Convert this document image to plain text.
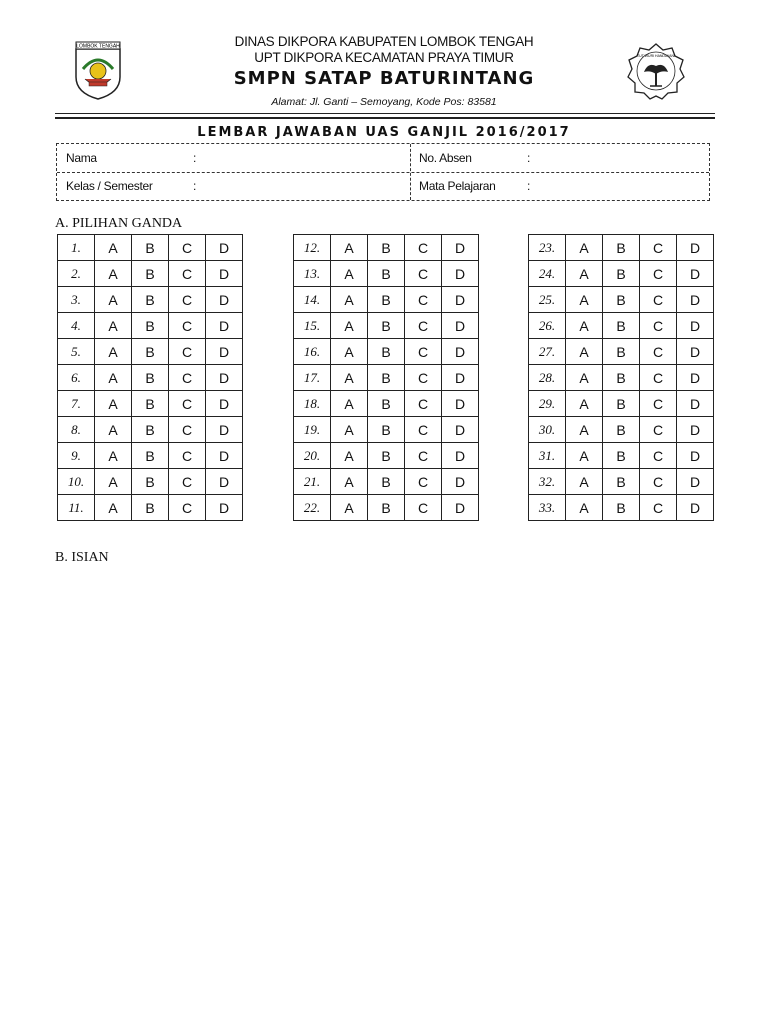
LOMBOK TENGAH
TUT WURI HANDAYANI
DINAS DIKPORA KABUPATEN LOMBOK TENGAH
UPT DIKPORA KECAMATAN PRAYA TIMUR
SMPN SATAP BATURINTANG
Alamat: Jl. Ganti – Semoyang, Kode Pos: 83581
LEMBAR JAWABAN UAS GANJIL 2016/2017
Nama	:
Kelas / Semester	:
No. Absen	:
Mata Pelajaran	:
A. PILIHAN GANDA
1.	A	B	C	D
2.	A	B	C	D
3.	A	B	C	D
4.	A	B	C	D
5.	A	B	C	D
6.	A	B	C	D
7.	A	B	C	D
8.	A	B	C	D
9.	A	B	C	D
10.	A	B	C	D
11.	A	B	C	D
12.	A	B	C	D
13.	A	B	C	D
14.	A	B	C	D
15.	A	B	C	D
16.	A	B	C	D
17.	A	B	C	D
18.	A	B	C	D
19.	A	B	C	D
20.	A	B	C	D
21.	A	B	C	D
22.	A	B	C	D
23.	A	B	C	D
24.	A	B	C	D
25.	A	B	C	D
26.	A	B	C	D
27.	A	B	C	D
28.	A	B	C	D
29.	A	B	C	D
30.	A	B	C	D
31.	A	B	C	D
32.	A	B	C	D
33.	A	B	C	D
B. ISIAN
